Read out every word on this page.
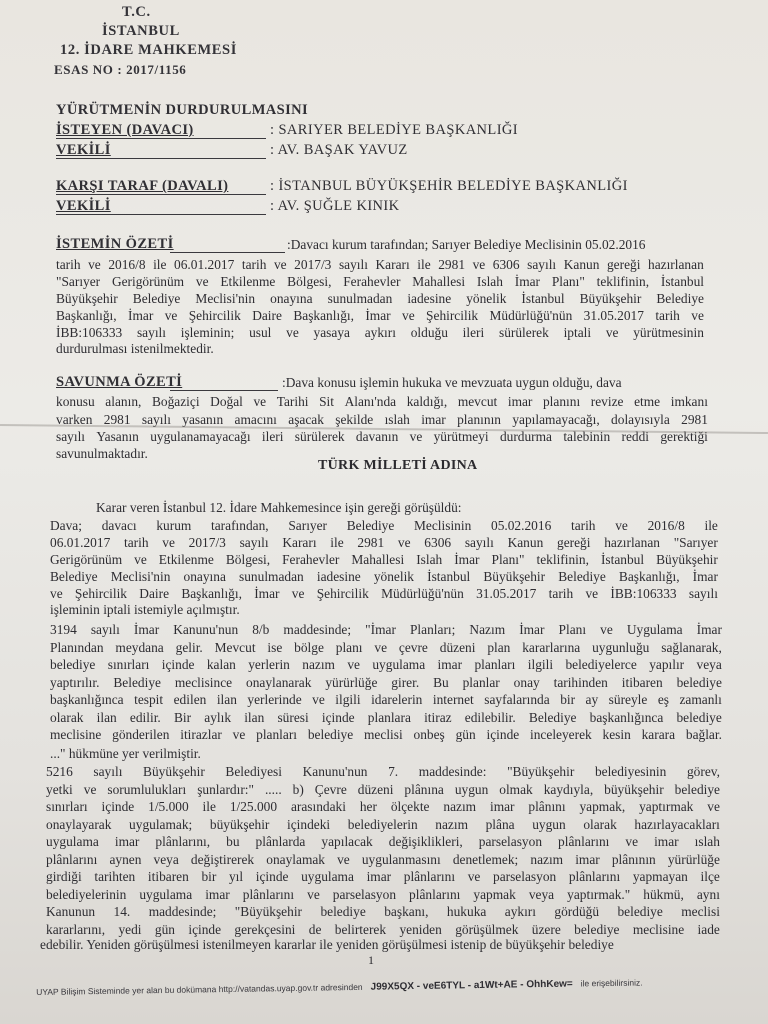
T.C.
İSTANBUL
12. İDARE MAHKEMESİ
ESAS NO : 2017/1156
YÜRÜTMENİN DURDURULMASINI
İSTEYEN (DAVACI)	: SARIYER BELEDİYE BAŞKANLIĞI
VEKİLİ	: AV. BAŞAK YAVUZ
KARŞI TARAF (DAVALI)	: İSTANBUL BÜYÜKŞEHİR BELEDİYE BAŞKANLIĞI
VEKİLİ	: AV. ŞUĞLE KINIK
İSTEMİN ÖZETİ	:Davacı kurum tarafından; Sarıyer Belediye Meclisinin 05.02.2016
tarih ve 2016/8 ile 06.01.2017 tarih ve 2017/3 sayılı Kararı ile 2981 ve 6306 sayılı Kanun gereği hazırlanan
"Sarıyer Gerigörünüm ve Etkilenme Bölgesi, Ferahevler Mahallesi Islah İmar Planı" teklifinin, İstanbul
Büyükşehir Belediye Meclisi'nin onayına sunulmadan iadesine yönelik İstanbul Büyükşehir Belediye
Başkanlığı, İmar ve Şehircilik Daire Başkanlığı, İmar ve Şehircilik Müdürlüğü'nün 31.05.2017 tarih ve
İBB:106333 sayılı işleminin; usul ve yasaya aykırı olduğu ileri sürülerek iptali ve yürütmesinin
durdurulması istenilmektedir.
SAVUNMA ÖZETİ	:Dava konusu işlemin hukuka ve mevzuata uygun olduğu, dava
konusu alanın, Boğaziçi Doğal ve Tarihi Sit Alanı'nda kaldığı, mevcut imar planını revize etme imkanı
varken 2981 sayılı yasanın amacını aşacak şekilde ıslah imar planının yapılamayacağı, dolayısıyla 2981
sayılı Yasanın uygulanamayacağı ileri sürülerek davanın ve yürütmeyi durdurma talebinin reddi gerektiği
savunulmaktadır.
TÜRK MİLLETİ ADINA
Karar veren İstanbul 12. İdare Mahkemesince işin gereği görüşüldü:
Dava; davacı kurum tarafından, Sarıyer Belediye Meclisinin 05.02.2016 tarih ve 2016/8 ile
06.01.2017 tarih ve 2017/3 sayılı Kararı ile 2981 ve 6306 sayılı Kanun gereği hazırlanan "Sarıyer
Gerigörünüm ve Etkilenme Bölgesi, Ferahevler Mahallesi Islah İmar Planı" teklifinin, İstanbul Büyükşehir
Belediye Meclisi'nin onayına sunulmadan iadesine yönelik İstanbul Büyükşehir Belediye Başkanlığı, İmar
ve Şehircilik Daire Başkanlığı, İmar ve Şehircilik Müdürlüğü'nün 31.05.2017 tarih ve İBB:106333 sayılı
işleminin iptali istemiyle açılmıştır.
3194 sayılı İmar Kanunu'nun 8/b maddesinde; "İmar Planları; Nazım İmar Planı ve Uygulama İmar
Planından meydana gelir. Mevcut ise bölge planı ve çevre düzeni plan kararlarına uygunluğu sağlanarak,
belediye sınırları içinde kalan yerlerin nazım ve uygulama imar planları ilgili belediyelerce yapılır veya
yaptırılır. Belediye meclisince onaylanarak yürürlüğe girer. Bu planlar onay tarihinden itibaren belediye
başkanlığınca tespit edilen ilan yerlerinde ve ilgili idarelerin internet sayfalarında bir ay süreyle eş zamanlı
olarak ilan edilir. Bir aylık ilan süresi içinde planlara itiraz edilebilir. Belediye başkanlığınca belediye
meclisine gönderilen itirazlar ve planları belediye meclisi onbeş gün içinde inceleyerek kesin karara bağlar.
..." hükmüne yer verilmiştir.
5216 sayılı Büyükşehir Belediyesi Kanunu'nun 7. maddesinde: "Büyükşehir belediyesinin görev,
yetki ve sorumlulukları şunlardır:" ..... b) Çevre düzeni plânına uygun olmak kaydıyla, büyükşehir belediye
sınırları içinde 1/5.000 ile 1/25.000 arasındaki her ölçekte nazım imar plânını yapmak, yaptırmak ve
onaylayarak uygulamak; büyükşehir içindeki belediyelerin nazım plâna uygun olarak hazırlayacakları
uygulama imar plânlarını, bu plânlarda yapılacak değişiklikleri, parselasyon plânlarını ve imar ıslah
plânlarını aynen veya değiştirerek onaylamak ve uygulanmasını denetlemek; nazım imar plânının yürürlüğe
girdiği tarihten itibaren bir yıl içinde uygulama imar plânlarını ve parselasyon plânlarını yapmayan ilçe
belediyelerinin uygulama imar plânlarını ve parselasyon plânlarını yapmak veya yaptırmak." hükmü, aynı
Kanunun 14. maddesinde; "Büyükşehir belediye başkanı, hukuka aykırı gördüğü belediye meclisi
kararlarını, yedi gün içinde gerekçesini de belirterek yeniden görüşülmek üzere belediye meclisine iade
edebilir. Yeniden görüşülmesi istenilmeyen kararlar ile yeniden görüşülmesi istenip de büyükşehir belediye
1
UYAP Bilişim Sisteminde yer alan bu dokümana http://vatandas.uyap.gov.tr adresinden J99X5QX - veE6TYL - a1Wt+AE - OhhKew= ile erişebilirsiniz.
